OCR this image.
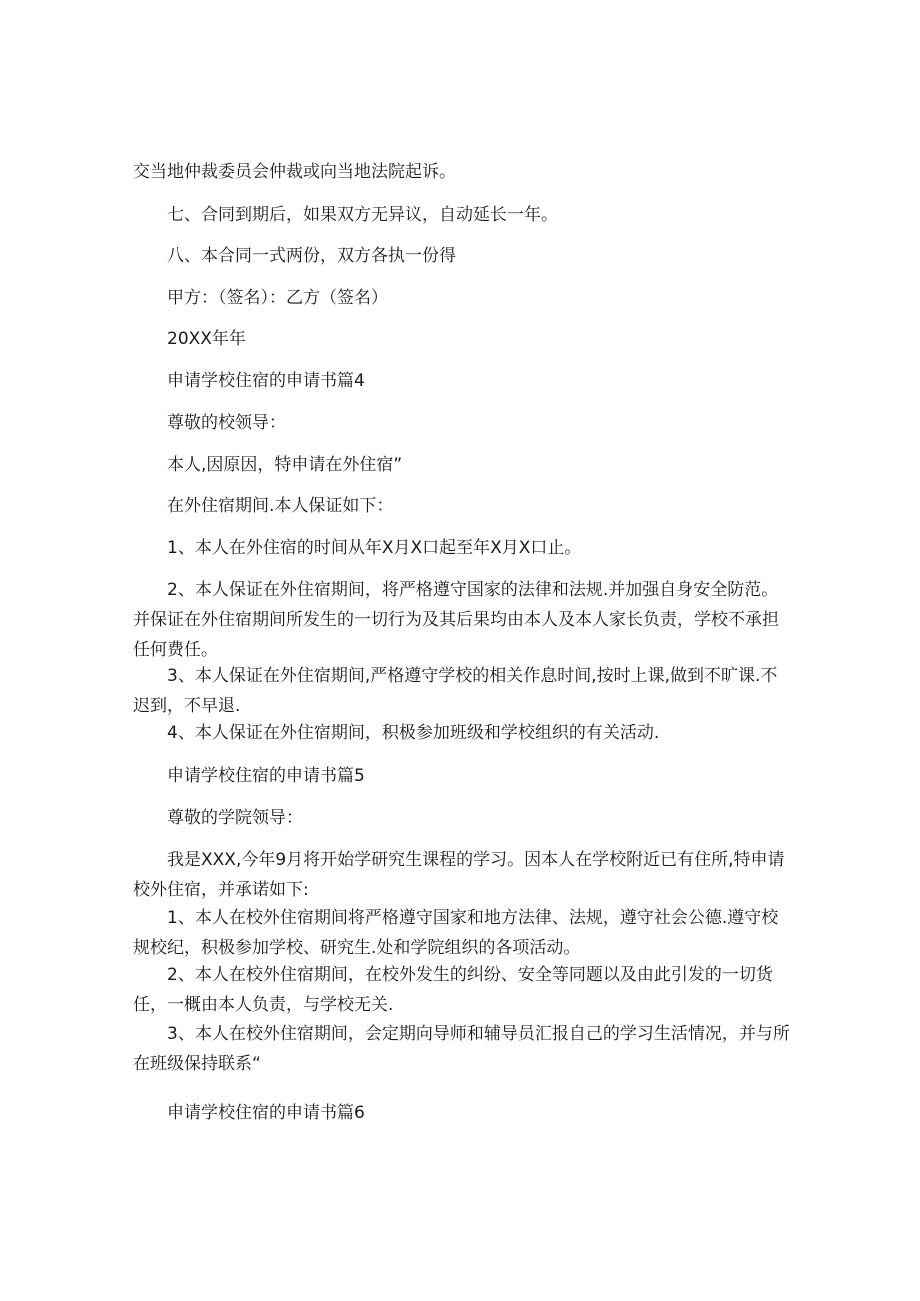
交当地仲裁委员会仲裁或向当地法院起诉。

七、合同到期后，如果双方无异议，自动延长一年。

八、本合同一式两份，双方各执一份得

甲方：（签名）：乙方（签名）

20XX年年

申请学校住宿的申请书篇4

尊敬的校领导：

本人,因原因，特申请在外住宿”

在外住宿期间.本人保证如下：

1、本人在外住宿的时间从年X月X口起至年X月X口止。

2、本人保证在外住宿期间，将严格遵守国家的法律和法规.并加强自身安全防范。并保证在外住宿期间所发生的一切行为及其后果均由本人及本人家长负责，学校不承担任何费任。

3、本人保证在外住宿期间,严格遵守学校的相关作息时间,按时上课,做到不旷课.不迟到，不早退.

4、本人保证在外住宿期间，积极参加班级和学校组织的有关活动.

申请学校住宿的申请书篇5

尊敬的学院领导：

我是XXX,今年9月将开始学研究生课程的学习。因本人在学校附近已有住所,特申请校外住宿，并承诺如下:

1、本人在校外住宿期间将严格遵守国家和地方法律、法规，遵守社会公德.遵守校规校纪，积极参加学校、研究生.处和学院组织的各项活动。

2、本人在校外住宿期间，在校外发生的纠纷、安全等同题以及由此引发的一切货任，一概由本人负责，与学校无关.

3、本人在校外住宿期间，会定期向导师和辅导员汇报自己的学习生活情况，并与所在班级保持联系“

申请学校住宿的申请书篇6
